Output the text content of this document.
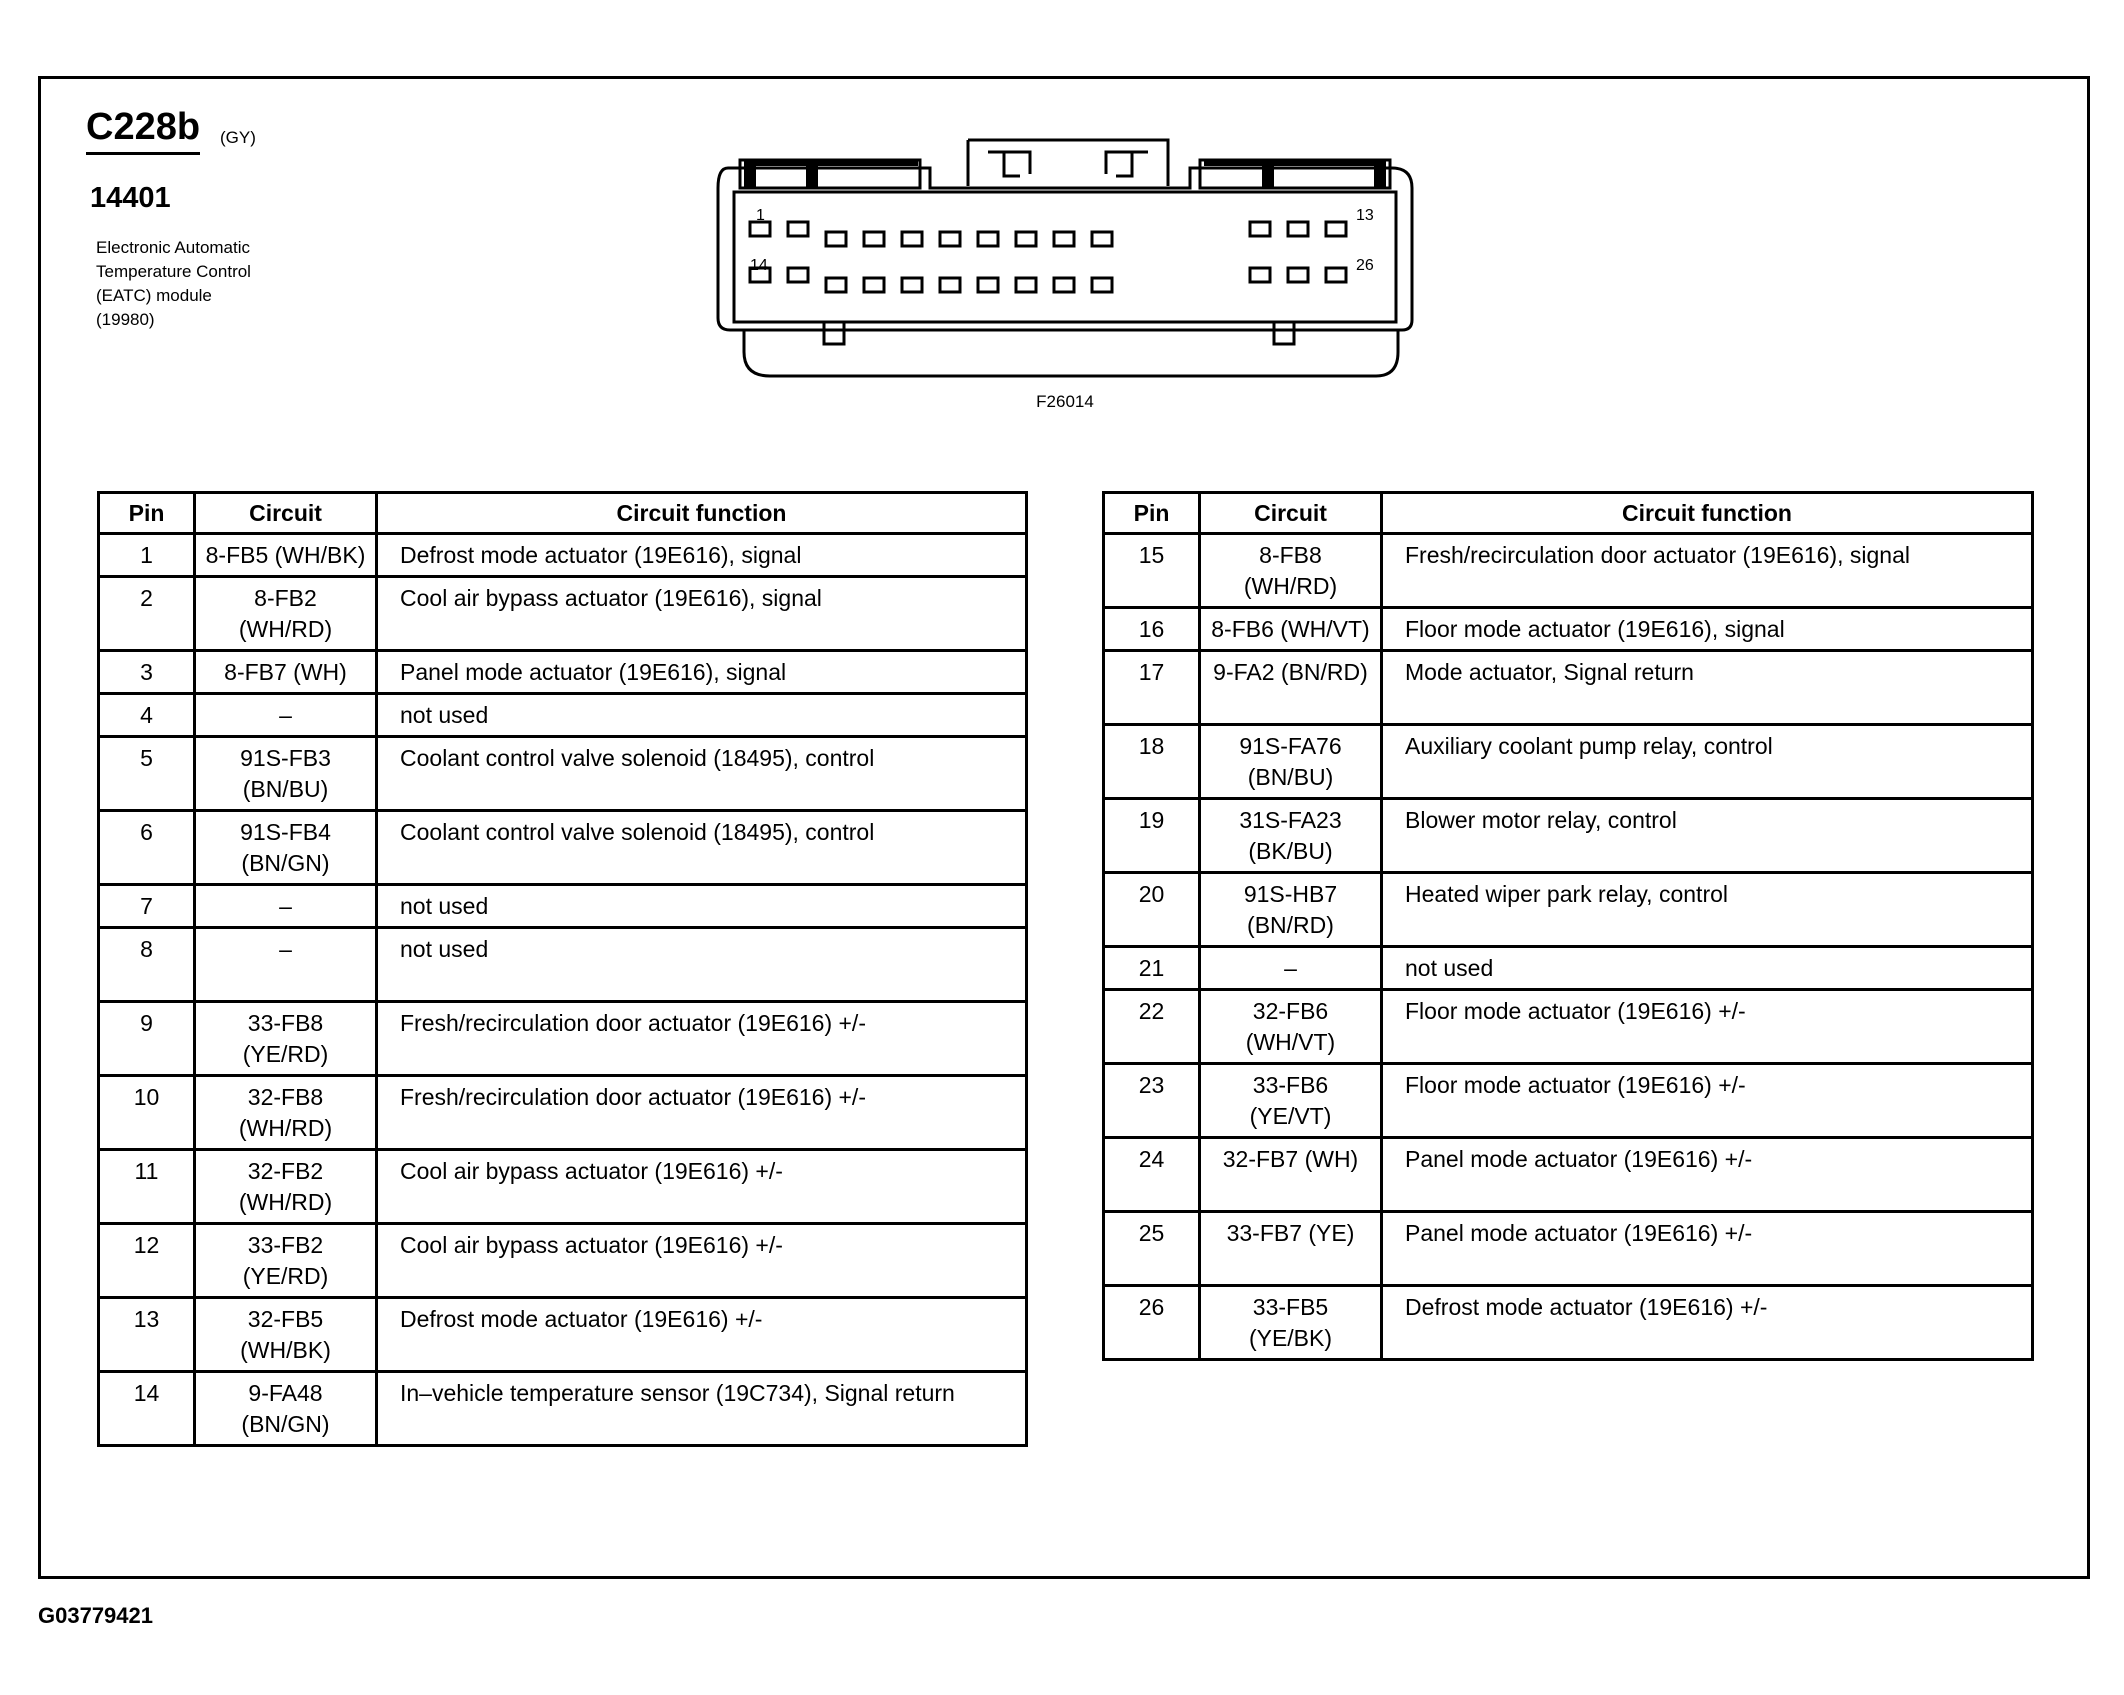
C228b (GY)
14401
Electronic Automatic
Temperature Control
(EATC) module
(19980)
1	13
14	26
F26014
Pin	Circuit	Circuit function
1	8-FB5 (WH/BK)	Defrost mode actuator (19E616), signal
2	8-FB2
(WH/RD)	Cool air bypass actuator (19E616), signal
3	8-FB7 (WH)	Panel mode actuator (19E616), signal
4	–	not used
5	91S-FB3
(BN/BU)	Coolant control valve solenoid (18495), control
6	91S-FB4
(BN/GN)	Coolant control valve solenoid (18495), control
7	–	not used
8	–	not used
9	33-FB8
(YE/RD)	Fresh/recirculation door actuator (19E616) +/-
10	32-FB8
(WH/RD)	Fresh/recirculation door actuator (19E616) +/-
11	32-FB2
(WH/RD)	Cool air bypass actuator (19E616) +/-
12	33-FB2
(YE/RD)	Cool air bypass actuator (19E616) +/-
13	32-FB5
(WH/BK)	Defrost mode actuator (19E616) +/-
14	9-FA48
(BN/GN)	In–vehicle temperature sensor (19C734), Signal return
Pin	Circuit	Circuit function
15	8-FB8
(WH/RD)	Fresh/recirculation door actuator (19E616), signal
16	8-FB6 (WH/VT)	Floor mode actuator (19E616), signal
17	9-FA2 (BN/RD)	Mode actuator, Signal return
18	91S-FA76
(BN/BU)	Auxiliary coolant pump relay, control
19	31S-FA23
(BK/BU)	Blower motor relay, control
20	91S-HB7
(BN/RD)	Heated wiper park relay, control
21	–	not used
22	32-FB6
(WH/VT)	Floor mode actuator (19E616) +/-
23	33-FB6
(YE/VT)	Floor mode actuator (19E616) +/-
24	32-FB7 (WH)	Panel mode actuator (19E616) +/-
25	33-FB7 (YE)	Panel mode actuator (19E616) +/-
26	33-FB5
(YE/BK)	Defrost mode actuator (19E616) +/-
G03779421
